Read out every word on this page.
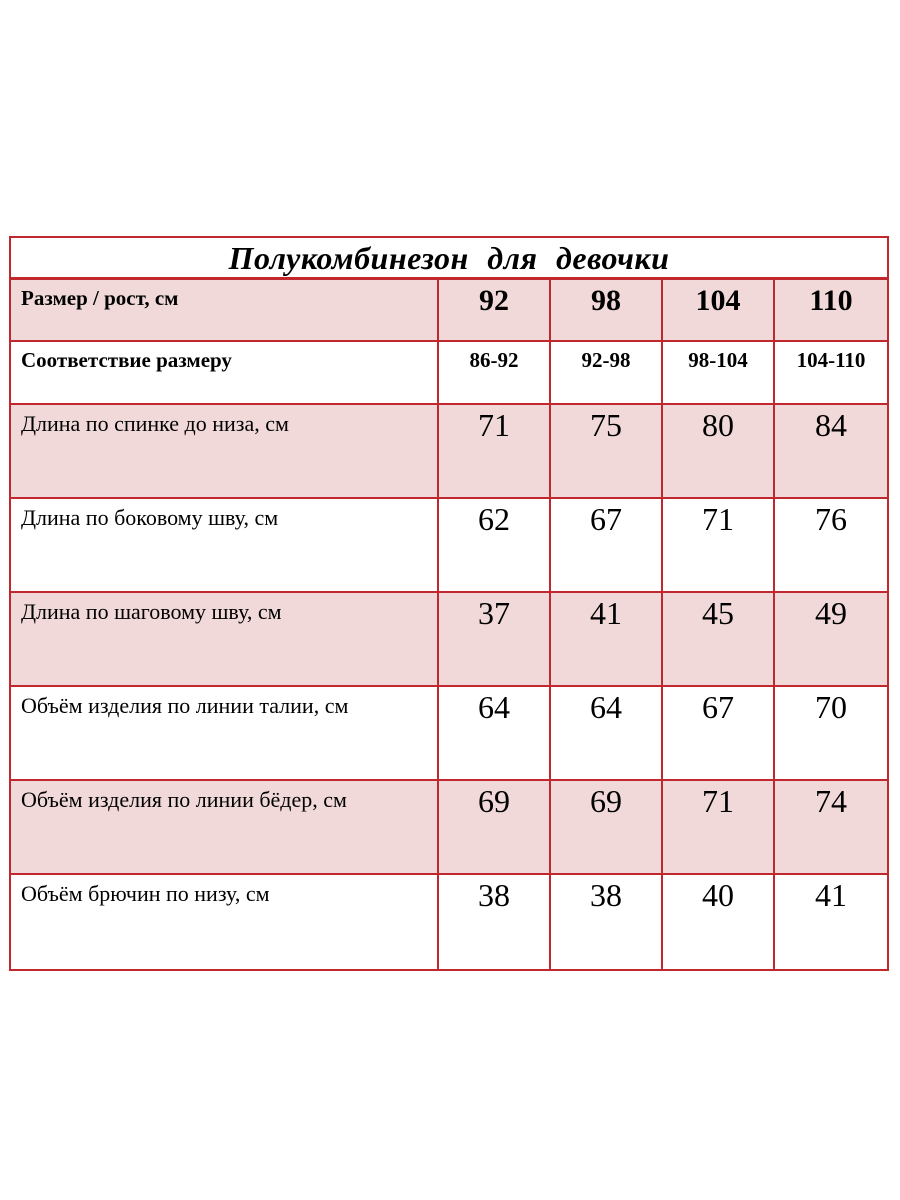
Полукомбинезон для девочки
Размер / рост, см	92	98	104	110
Соответствие размеру	86-92	92-98	98-104	104-110
Длина по спинке до низа, см	71	75	80	84
Длина по боковому шву, см	62	67	71	76
Длина по шаговому шву, см	37	41	45	49
Объём изделия по линии талии, см	64	64	67	70
Объём изделия по линии бёдер, см	69	69	71	74
Объём брючин по низу, см	38	38	40	41
